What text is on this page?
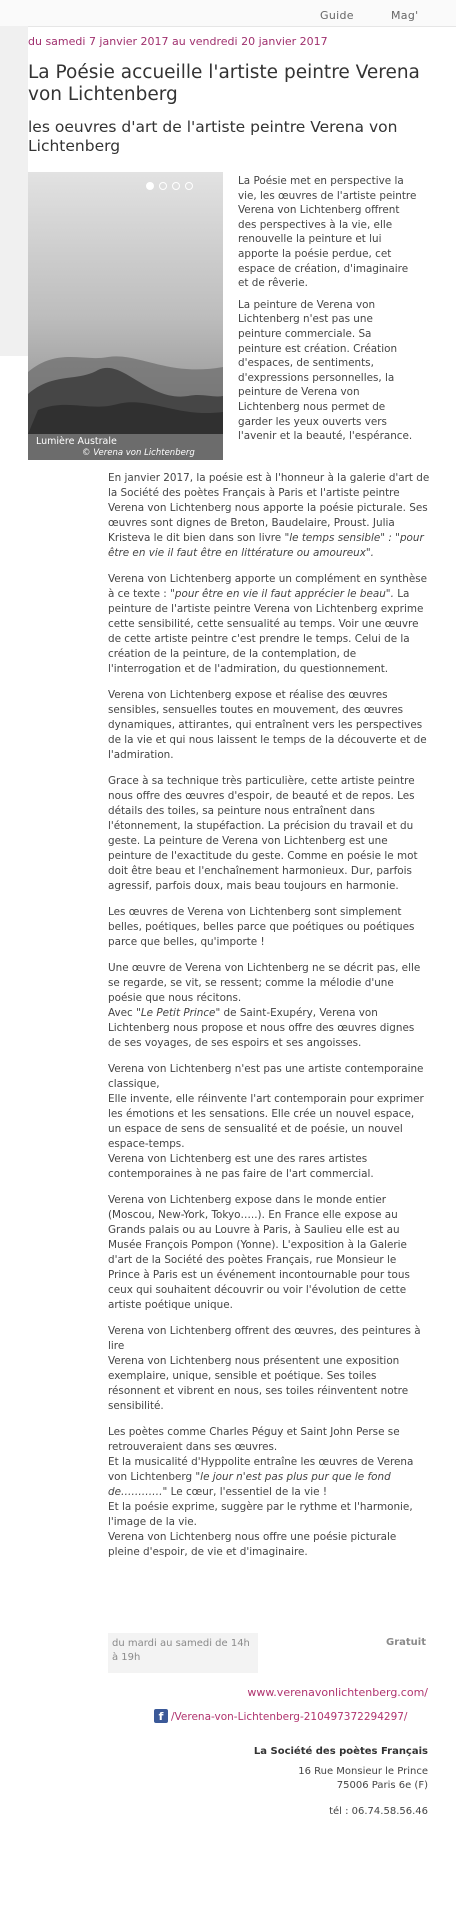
Guide	Mag'
du samedi 7 janvier 2017 au vendredi 20 janvier 2017
La Poésie accueille l'artiste peintre Verena von Lichtenberg
les oeuvres d'art de l'artiste peintre Verena von Lichtenberg
Lumière Australe
© Verena von Lichtenberg

La Poésie met en perspective la vie, les œuvres de l'artiste peintre Verena von Lichtenberg offrent des perspectives à la vie, elle renouvelle la peinture et lui apporte la poésie perdue, cet espace de création, d'imaginaire et de rêverie.

La peinture de Verena von Lichtenberg n'est pas une peinture commerciale. Sa peinture est création. Création d'espaces, de sentiments, d'expressions personnelles, la peinture de Verena von Lichtenberg nous permet de garder les yeux ouverts vers l'avenir et la beauté, l'espérance.

En janvier 2017, la poésie est à l'honneur à la galerie d'art de la Société des poètes Français à Paris et l'artiste peintre Verena von Lichtenberg nous apporte la poésie picturale. Ses œuvres sont dignes de Breton, Baudelaire, Proust. Julia Kristeva le dit bien dans son livre "le temps sensible" : "pour être en vie il faut être en littérature ou amoureux".

Verena von Lichtenberg apporte un complément en synthèse à ce texte : "pour être en vie il faut apprécier le beau". La peinture de l'artiste peintre Verena von Lichtenberg exprime cette sensibilité, cette sensualité au temps. Voir une œuvre de cette artiste peintre c'est prendre le temps. Celui de la création de la peinture, de la contemplation, de l'interrogation et de l'admiration, du questionnement.

Verena von Lichtenberg expose et réalise des œuvres sensibles, sensuelles toutes en mouvement, des œuvres dynamiques, attirantes, qui entraînent vers les perspectives de la vie et qui nous laissent le temps de la découverte et de l'admiration.

Grace à sa technique très particulière, cette artiste peintre nous offre des œuvres d'espoir, de beauté et de repos. Les détails des toiles, sa peinture nous entraînent dans l'étonnement, la stupéfaction. La précision du travail et du geste. La peinture de Verena von Lichtenberg est une peinture de l'exactitude du geste. Comme en poésie le mot doit être beau et l'enchaînement harmonieux. Dur, parfois agressif, parfois doux, mais beau toujours en harmonie.

Les œuvres de Verena von Lichtenberg sont simplement belles, poétiques, belles parce que poétiques ou poétiques parce que belles, qu'importe !

Une œuvre de Verena von Lichtenberg ne se décrit pas, elle se regarde, se vit, se ressent; comme la mélodie d'une poésie que nous récitons.
Avec "Le Petit Prince" de Saint-Exupéry, Verena von Lichtenberg nous propose et nous offre des œuvres dignes de ses voyages, de ses espoirs et ses angoisses.

Verena von Lichtenberg n'est pas une artiste contemporaine classique,
Elle invente, elle réinvente l'art contemporain pour exprimer les émotions et les sensations. Elle crée un nouvel espace, un espace de sens de sensualité et de poésie, un nouvel espace-temps.
Verena von Lichtenberg est une des rares artistes contemporaines à ne pas faire de l'art commercial.

Verena von Lichtenberg expose dans le monde entier (Moscou, New-York, Tokyo…..). En France elle expose au Grands palais ou au Louvre à Paris, à Saulieu elle est au Musée François Pompon (Yonne). L'exposition à la Galerie d'art de la Société des poètes Français, rue Monsieur le Prince à Paris est un événement incontournable pour tous ceux qui souhaitent découvrir ou voir l'évolution de cette artiste poétique unique.

Verena von Lichtenberg offrent des œuvres, des peintures à lire
Verena von Lichtenberg nous présentent une exposition exemplaire, unique, sensible et poétique. Ses toiles résonnent et vibrent en nous, ses toiles réinventent notre sensibilité.

Les poètes comme Charles Péguy et Saint John Perse se retrouveraient dans ses œuvres.
Et la musicalité d'Hyppolite entraîne les œuvres de Verena von Lichtenberg "le jour n'est pas plus pur que le fond de…………" Le cœur, l'essentiel de la vie !
Et la poésie exprime, suggère par le rythme et l'harmonie, l'image de la vie.
Verena von Lichtenberg nous offre une poésie picturale pleine d'espoir, de vie et d'imaginaire.

du mardi au samedi de 14h à 19h
Gratuit
www.verenavonlichtenberg.com/
f /Verena-von-Lichtenberg-210497372294297/
La Société des poètes Français
16 Rue Monsieur le Prince
75006 Paris 6e (F)
tél : 06.74.58.56.46
